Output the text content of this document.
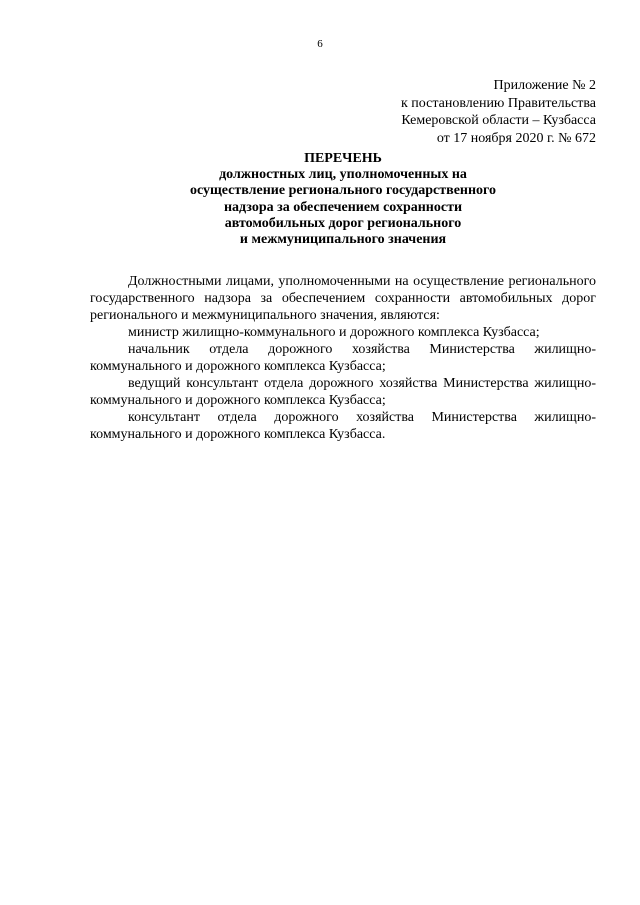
6
Приложение № 2
к постановлению Правительства
Кемеровской области – Кузбасса
от 17 ноября 2020 г. № 672
ПЕРЕЧЕНЬ
должностных лиц, уполномоченных на
осуществление регионального государственного
надзора за обеспечением сохранности
автомобильных дорог регионального
и межмуниципального значения

Должностными лицами, уполномоченными на осуществление регионального государственного надзора за обеспечением сохранности автомобильных дорог регионального и межмуниципального значения, являются:

министр жилищно-коммунального и дорожного комплекса Кузбасса;

начальник отдела дорожного хозяйства Министерства жилищно-коммунального и дорожного комплекса Кузбасса;

ведущий консультант отдела дорожного хозяйства Министерства жилищно-коммунального и дорожного комплекса Кузбасса;

консультант отдела дорожного хозяйства Министерства жилищно-коммунального и дорожного комплекса Кузбасса.
